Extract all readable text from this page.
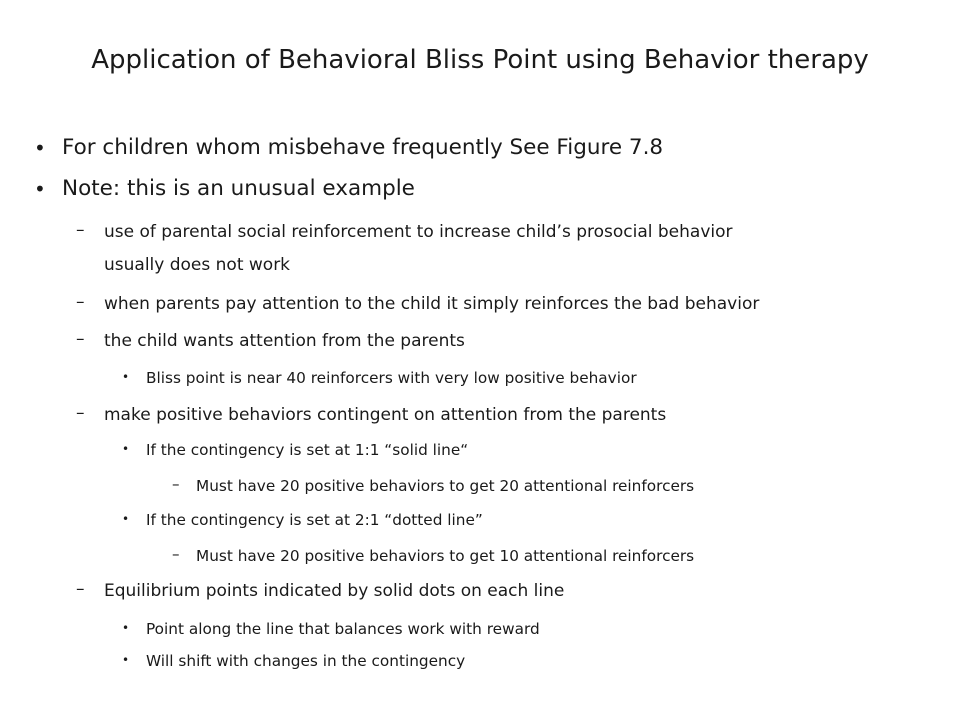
Application of Behavioral Bliss Point using Behavior therapy
• For children whom misbehave frequently See Figure 7.8
• Note: this is an unusual example
– use of parental social reinforcement to increase child’s prosocial behavior
usually does not work
– when parents pay attention to the child it simply reinforces the bad behavior
– the child wants attention from the parents
• Bliss point is near 40 reinforcers with very low positive behavior
– make positive behaviors contingent on attention from the parents
• If the contingency is set at 1:1 “solid line“
– Must have 20 positive behaviors to get 20 attentional reinforcers
• If the contingency is set at 2:1 “dotted line”
– Must have 20 positive behaviors to get 10 attentional reinforcers
– Equilibrium points indicated by solid dots on each line
• Point along the line that balances work with reward
• Will shift with changes in the contingency
